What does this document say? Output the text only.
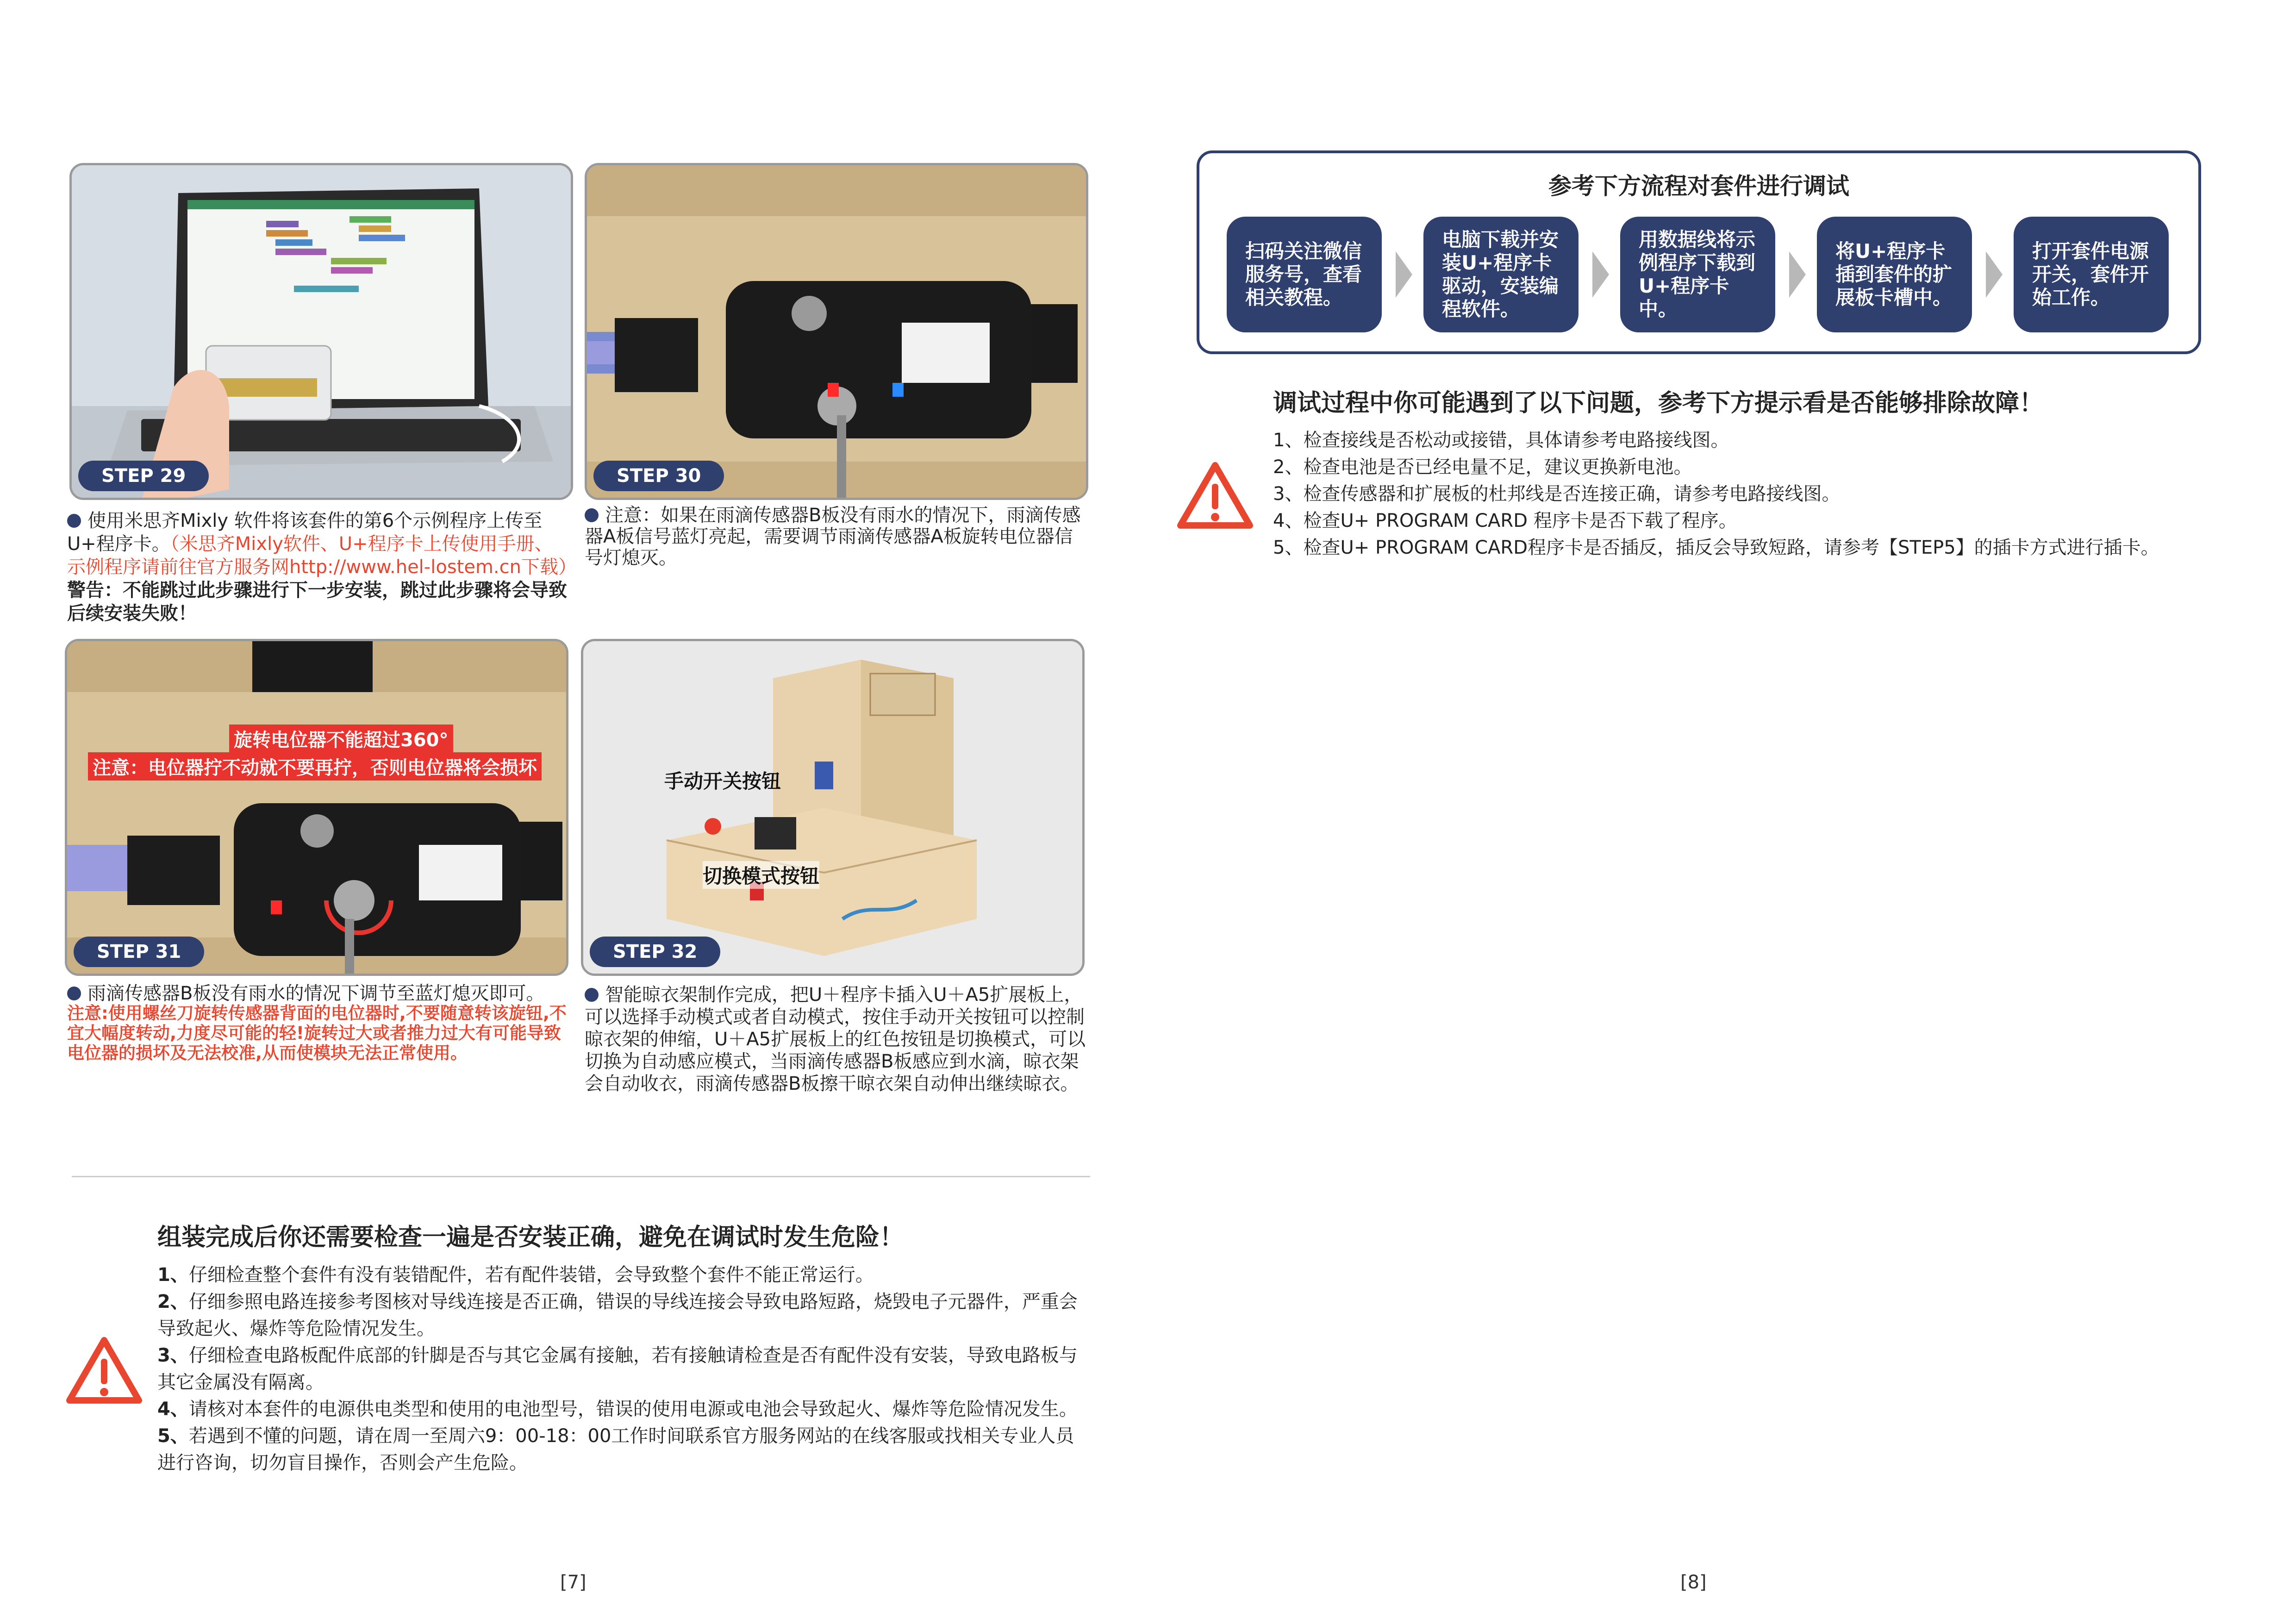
STEP 29	STEP 30
使用米思齐Mixly 软件将该套件的第6个示例程序上传至U+程序卡。（米思齐Mixly软件、U+程序卡上传使用手册、示例程序请前往官方服务网http://www.hel-lostem.cn下载）警告：不能跳过此步骤进行下一步安装，跳过此步骤将会导致后续安装失败！
注意：如果在雨滴传感器B板没有雨水的情况下，雨滴传感器A板信号蓝灯亮起，需要调节雨滴传感器A板旋转电位器信号灯熄灭。
旋转电位器不能超过360°
注意：电位器拧不动就不要再拧，否则电位器将会损坏
STEP 31
手动开关按钮
切换模式按钮
STEP 32
雨滴传感器B板没有雨水的情况下调节至蓝灯熄灭即可。
注意:使用螺丝刀旋转传感器背面的电位器时,不要随意转该旋钮,不宜大幅度转动,力度尽可能的轻!旋转过大或者推力过大有可能导致电位器的损坏及无法校准,从而使模块无法正常使用。
智能晾衣架制作完成，把U＋程序卡插入U＋A5扩展板上，可以选择手动模式或者自动模式，按住手动开关按钮可以控制晾衣架的伸缩，U＋A5扩展板上的红色按钮是切换模式，可以切换为自动感应模式，当雨滴传感器B板感应到水滴，晾衣架会自动收衣，雨滴传感器B板擦干晾衣架自动伸出继续晾衣。
组装完成后你还需要检查一遍是否安装正确，避免在调试时发生危险！
1、仔细检查整个套件有没有装错配件，若有配件装错，会导致整个套件不能正常运行。
2、仔细参照电路连接参考图核对导线连接是否正确，错误的导线连接会导致电路短路，烧毁电子元器件，严重会导致起火、爆炸等危险情况发生。
3、仔细检查电路板配件底部的针脚是否与其它金属有接触，若有接触请检查是否有配件没有安装，导致电路板与其它金属没有隔离。
4、请核对本套件的电源供电类型和使用的电池型号，错误的使用电源或电池会导致起火、爆炸等危险情况发生。
5、若遇到不懂的问题，请在周一至周六9：00-18：00工作时间联系官方服务网站的在线客服或找相关专业人员进行咨询，切勿盲目操作，否则会产生危险。
[7]
参考下方流程对套件进行调试
扫码关注微信服务号，查看相关教程。
电脑下载并安装U+程序卡驱动，安装编程软件。
用数据线将示例程序下载到U+程序卡中。
将U+程序卡插到套件的扩展板卡槽中。
打开套件电源开关，套件开始工作。
调试过程中你可能遇到了以下问题，参考下方提示看是否能够排除故障！
1、检查接线是否松动或接错，具体请参考电路接线图。
2、检查电池是否已经电量不足，建议更换新电池。
3、检查传感器和扩展板的杜邦线是否连接正确，请参考电路接线图。
4、检查U+ PROGRAM CARD 程序卡是否下载了程序。
5、检查U+ PROGRAM CARD程序卡是否插反，插反会导致短路，请参考【STEP5】的插卡方式进行插卡。
[8]
